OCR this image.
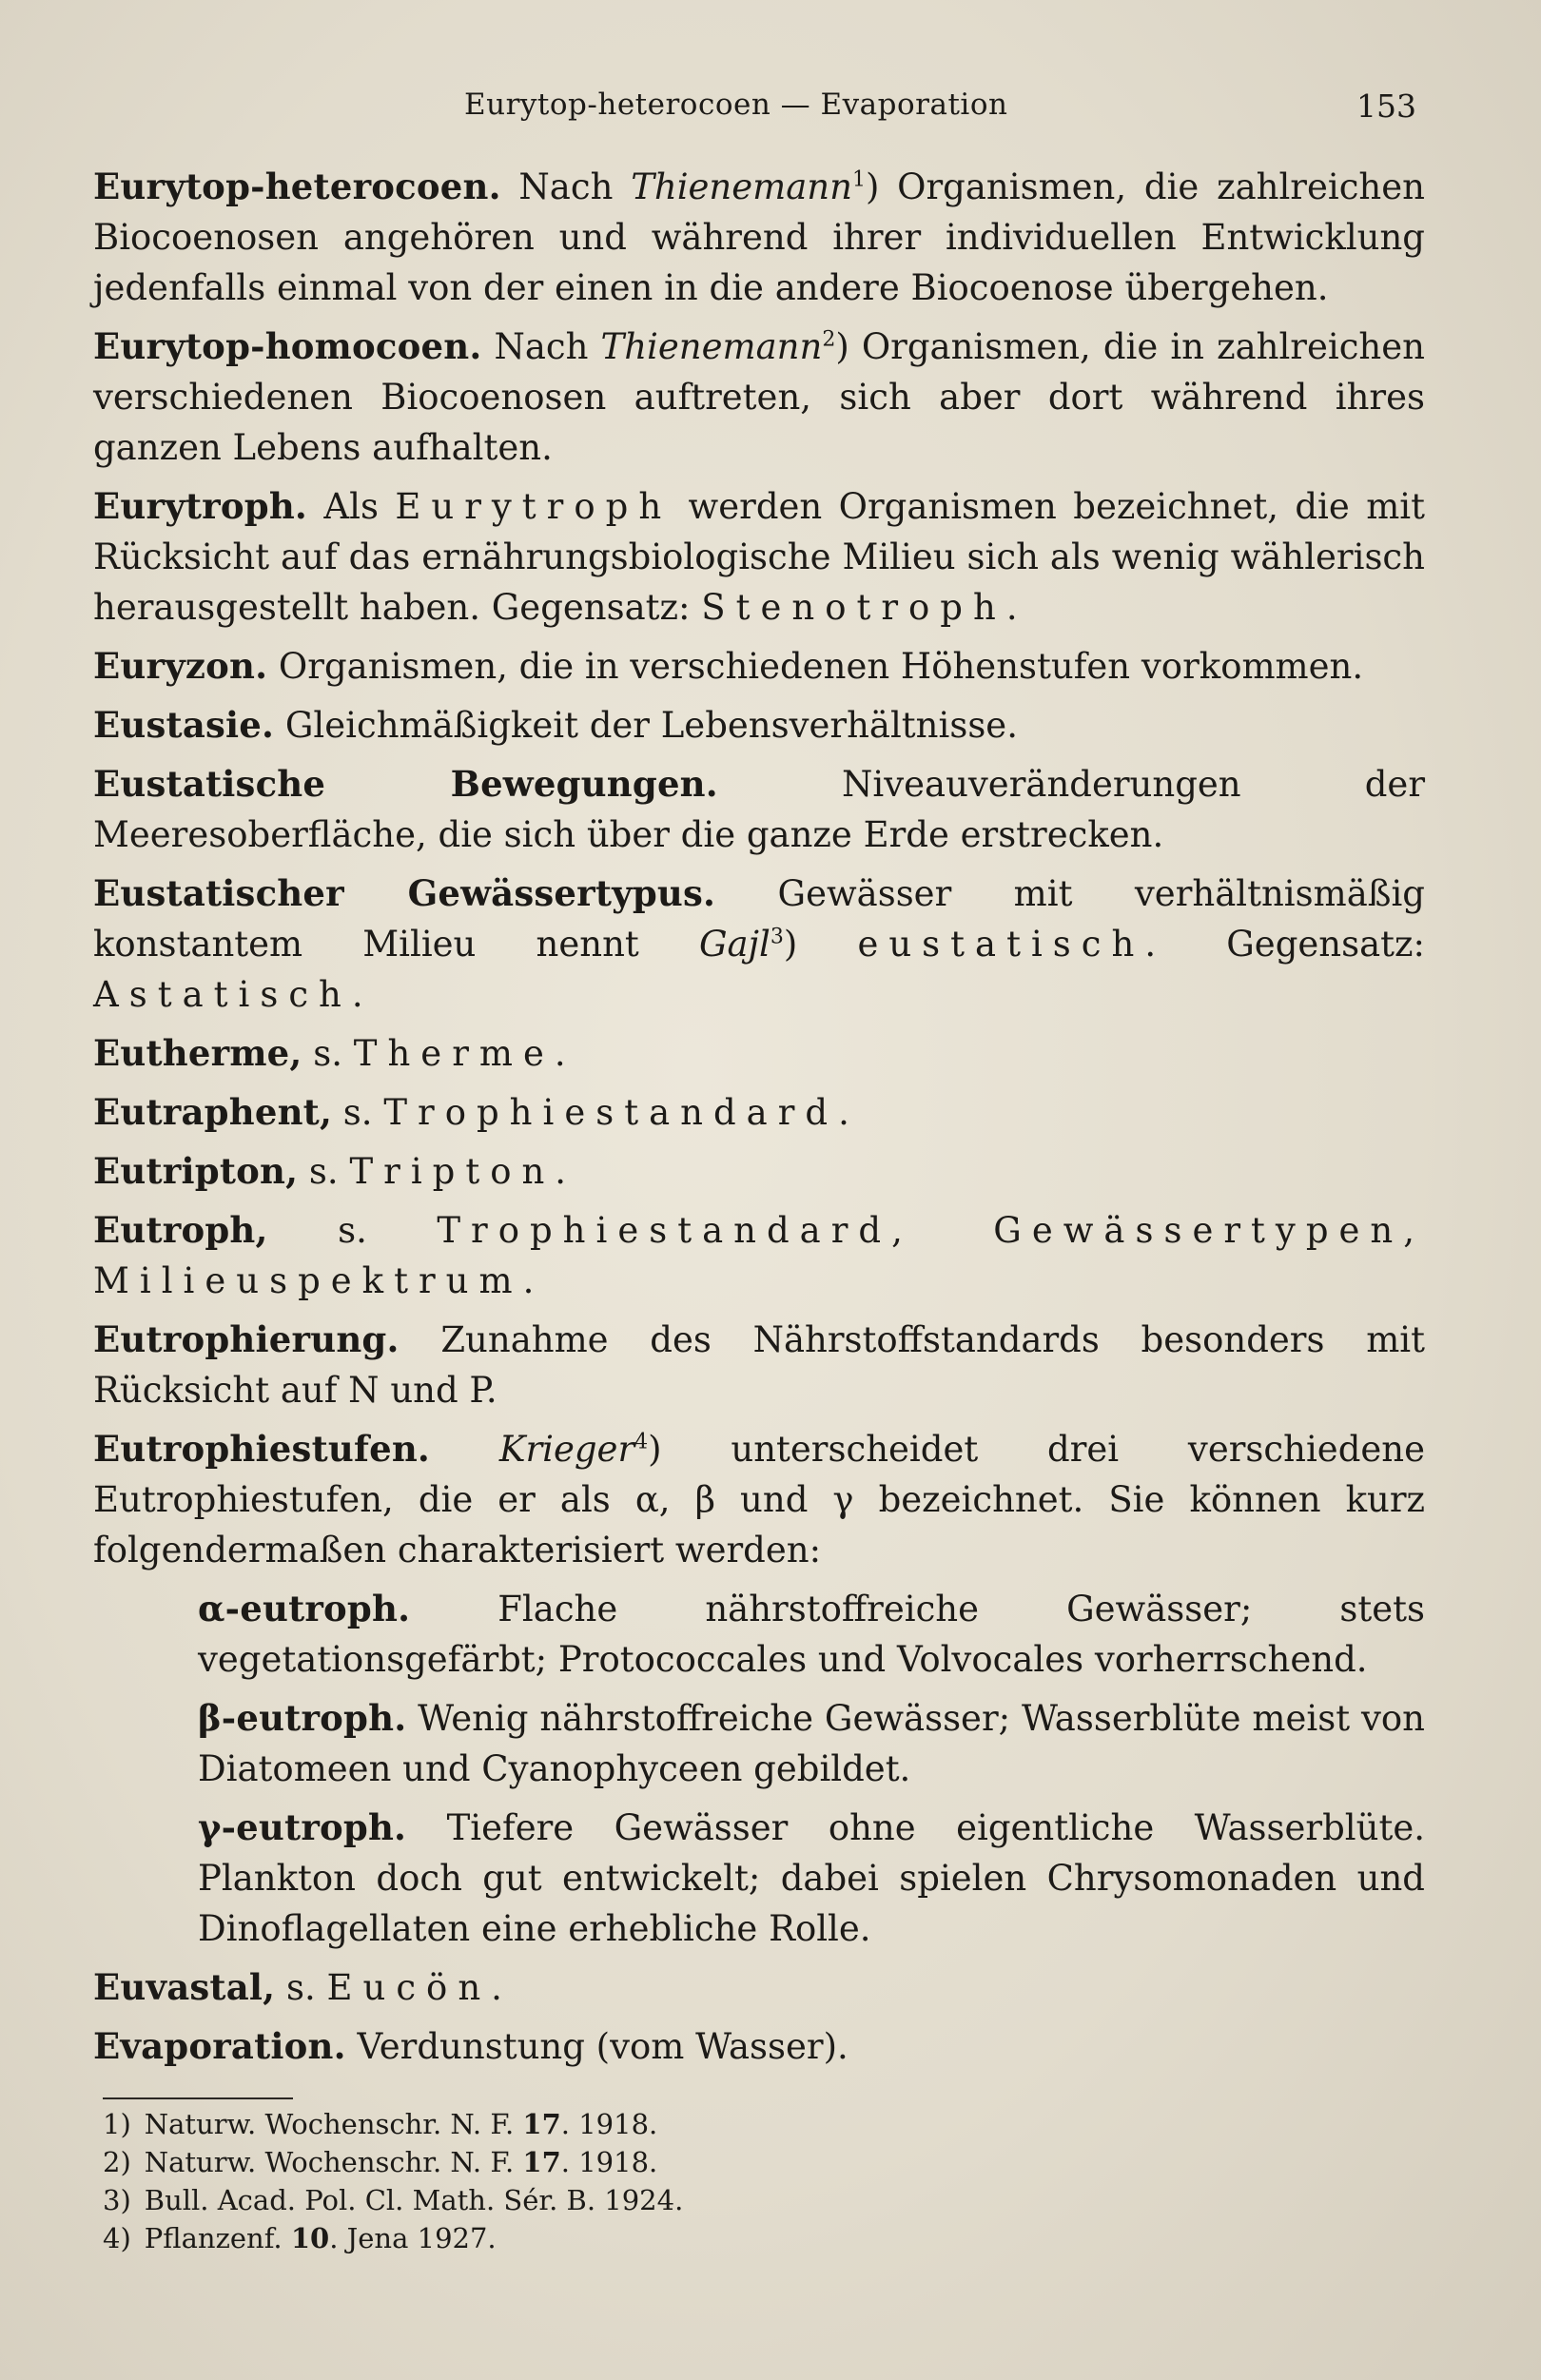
Eurytop-heterocoen — Evaporation	153

Eurytop-heterocoen. Nach Thienemann$^1$) Organismen, die zahlreichen Biocoenosen angehören und während ihrer individuellen Entwicklung jedenfalls einmal von der einen in die andere Biocoenose übergehen.

Eurytop-homocoen. Nach Thienemann$^2$) Organismen, die in zahlreichen verschiedenen Biocoenosen auftreten, sich aber dort während ihres ganzen Lebens aufhalten.

Eurytroph. Als Eurytroph werden Organismen bezeichnet, die mit Rücksicht auf das ernährungsbiologische Milieu sich als wenig wählerisch herausgestellt haben. Gegensatz: Stenotroph.

Euryzon. Organismen, die in verschiedenen Höhenstufen vorkommen.

Eustasie. Gleichmäßigkeit der Lebensverhältnisse.

Eustatische Bewegungen. Niveauveränderungen der Meeresoberfläche, die sich über die ganze Erde erstrecken.

Eustatischer Gewässertypus. Gewässer mit verhältnismäßig konstantem Milieu nennt Gajl$^3$) eustatisch. Gegensatz: Astatisch.

Eutherme, s. Therme.

Eutraphent, s. Trophiestandard.

Eutripton, s. Tripton.

Eutroph, s. Trophiestandard, Gewässertypen, Milieuspektrum.

Eutrophierung. Zunahme des Nährstoffstandards besonders mit Rücksicht auf N und P.

Eutrophiestufen. Krieger$^4$) unterscheidet drei verschiedene Eutrophiestufen, die er als α, β und γ bezeichnet. Sie können kurz folgendermaßen charakterisiert werden:

α-eutroph. Flache nährstoffreiche Gewässer; stets vegetationsgefärbt; Protococcales und Volvocales vorherrschend.

β-eutroph. Wenig nährstoffreiche Gewässer; Wasserblüte meist von Diatomeen und Cyanophyceen gebildet.

γ-eutroph. Tiefere Gewässer ohne eigentliche Wasserblüte. Plankton doch gut entwickelt; dabei spielen Chrysomonaden und Dinoflagellaten eine erhebliche Rolle.

Euvastal, s. Eucön.

Evaporation. Verdunstung (vom Wasser).

1) Naturw. Wochenschr. N. F. 17. 1918.
2) Naturw. Wochenschr. N. F. 17. 1918.
3) Bull. Acad. Pol. Cl. Math. Sér. B. 1924.
4) Pflanzenf. 10. Jena 1927.
